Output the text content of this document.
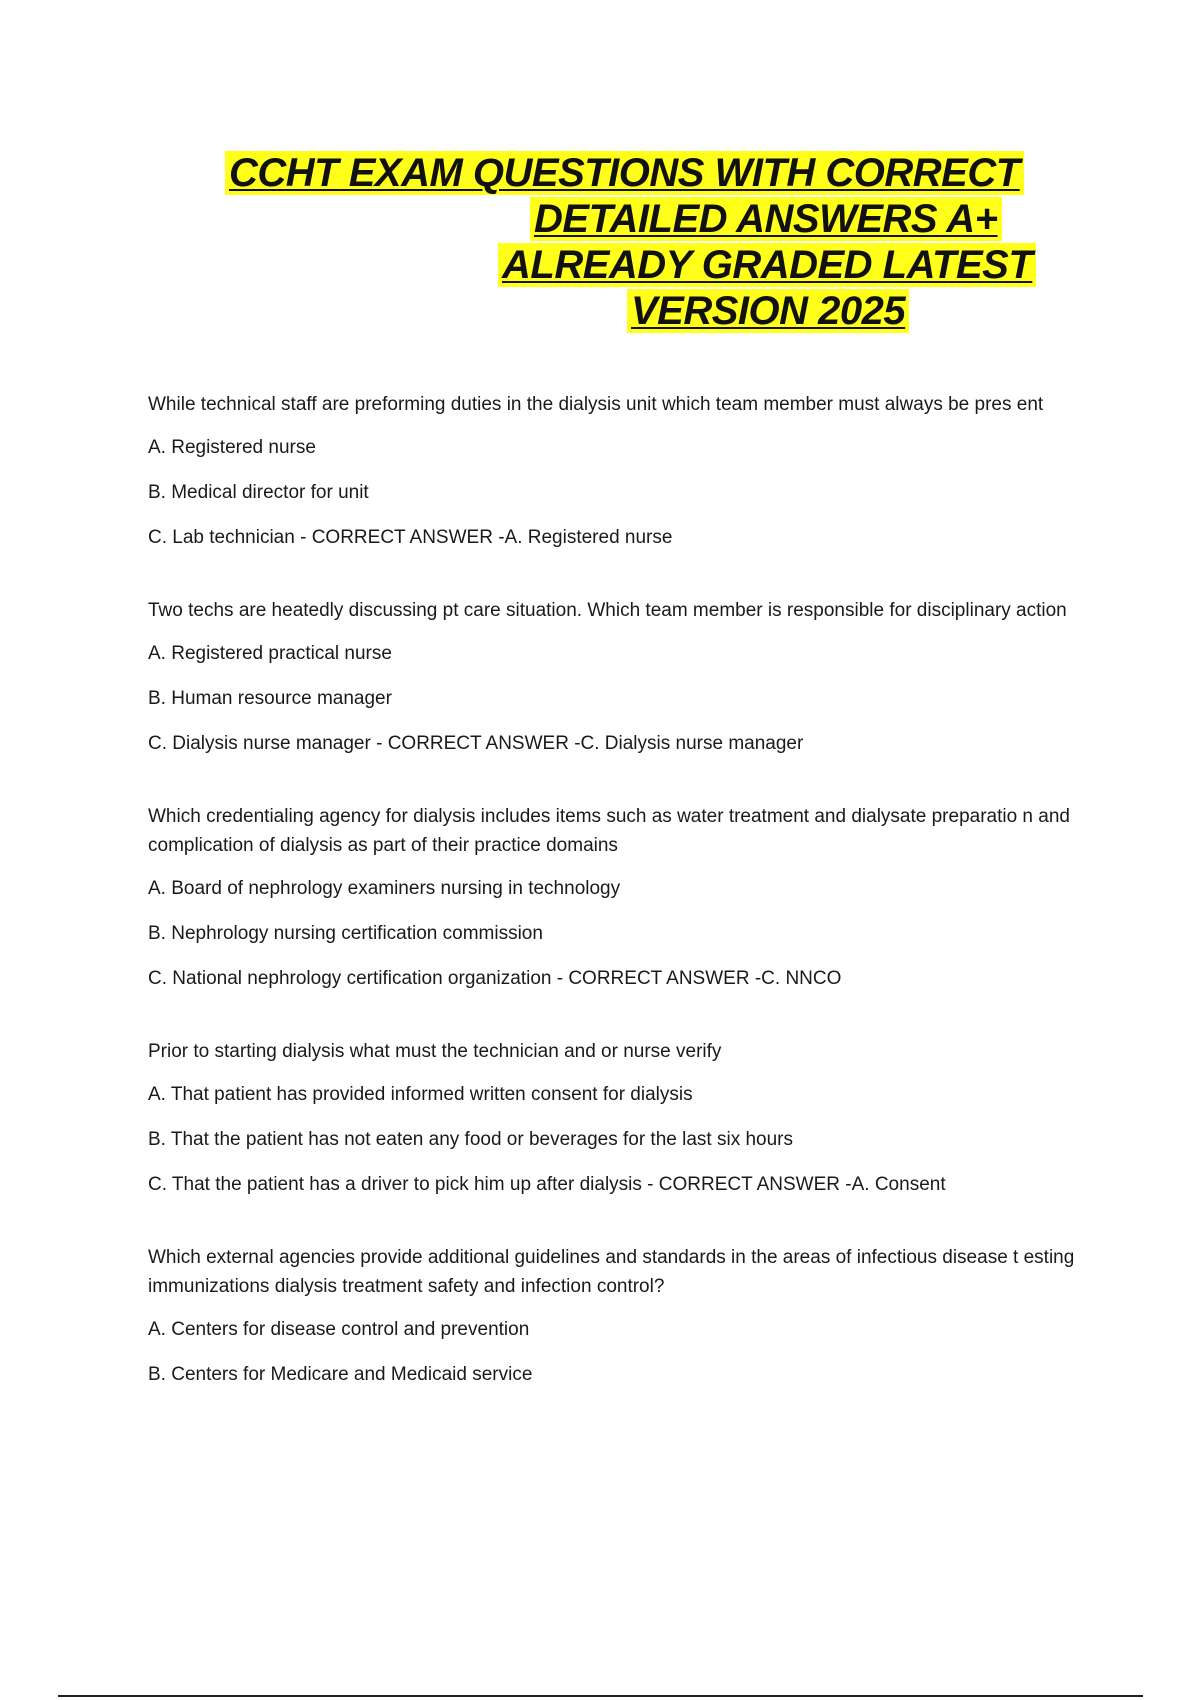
CCHT EXAM QUESTIONS WITH CORRECT
DETAILED ANSWERS A+
ALREADY GRADED LATEST
VERSION 2025

While technical staff are preforming duties in the dialysis unit which team member must always be pres ent

A. Registered nurse

B. Medical director for unit

C. Lab technician - CORRECT ANSWER -A. Registered nurse

Two techs are heatedly discussing pt care situation. Which team member is responsible for disciplinary action

A. Registered practical nurse

B. Human resource manager

C. Dialysis nurse manager - CORRECT ANSWER -C. Dialysis nurse manager

Which credentialing agency for dialysis includes items such as water treatment and dialysate preparatio n and complication of dialysis as part of their practice domains

A. Board of nephrology examiners nursing in technology

B. Nephrology nursing certification commission

C. National nephrology certification organization - CORRECT ANSWER -C. NNCO

Prior to starting dialysis what must the technician and or nurse verify

A. That patient has provided informed written consent for dialysis

B. That the patient has not eaten any food or beverages for the last six hours

C. That the patient has a driver to pick him up after dialysis - CORRECT ANSWER -A. Consent

Which external agencies provide additional guidelines and standards in the areas of infectious disease t esting immunizations dialysis treatment safety and infection control?

A. Centers for disease control and prevention

B. Centers for Medicare and Medicaid service
